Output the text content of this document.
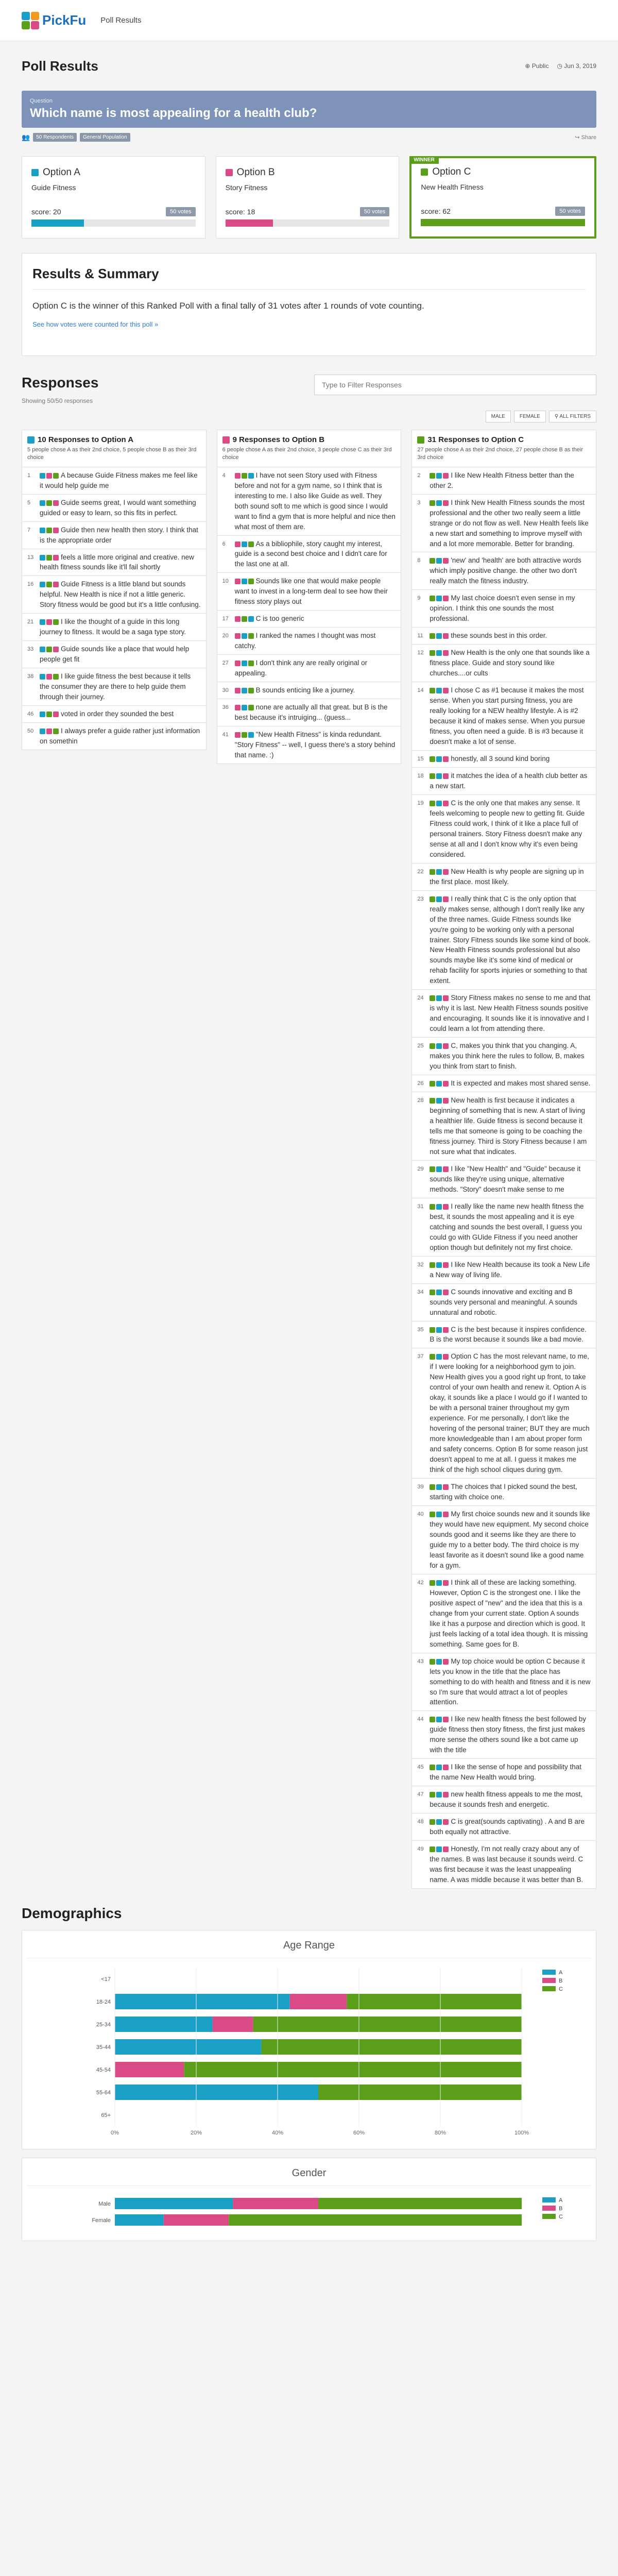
PickFu Poll Results
Poll Results	⊕ Public ◷ Jun 3, 2019
Question
Which name is most appealing for a health club?
👥	50 Respondents	General Population	↪ Share
Option A
Guide Fitness
score: 20	50 votes
Option B
Story Fitness
score: 18	50 votes
WINNER
Option C
New Health Fitness
score: 62	50 votes
Results & Summary

Option C is the winner of this Ranked Poll with a final tally of 31 votes after 1 rounds of vote counting.

See how votes were counted for this poll »
Responses
Showing 50/50 responses
Type to Filter Responses
MALE	FEMALE	⚲ ALL FILTERS
10 Responses to Option A
5 people chose A as their 2nd choice, 5 people chose B as their 3rd choice
1	A because Guide Fitness makes me feel like it would help guide me
5	Guide seems great, I would want something guided or easy to learn, so this fits in perfect.
7	Guide then new health then story. I think that is the appropriate order
13	feels a little more original and creative. new health fitness sounds like it'll fail shortly
16	Guide Fitness is a little bland but sounds helpful. New Health is nice if not a little generic. Story fitness would be good but it's a little confusing.
21	I like the thought of a guide in this long journey to fitness. It would be a saga type story.
33	Guide sounds like a place that would help people get fit
38	I like guide fitness the best because it tells the consumer they are there to help guide them through their journey.
46	voted in order they sounded the best
50	I always prefer a guide rather just information on somethin
9 Responses to Option B
6 people chose A as their 2nd choice, 3 people chose C as their 3rd choice
4	I have not seen Story used with Fitness before and not for a gym name, so I think that is interesting to me. I also like Guide as well. They both sound soft to me which is good since I would want to find a gym that is more helpful and nice then what most of them are.
6	As a bibliophile, story caught my interest, guide is a second best choice and I didn't care for the last one at all.
10	Sounds like one that would make people want to invest in a long-term deal to see how their fitness story plays out
17	C is too generic
20	I ranked the names I thought was most catchy.
27	I don't think any are really original or appealing.
30	B sounds enticing like a journey.
36	none are actually all that great. but B is the best because it's intruiging... (guess...
41	"New Health Fitness" is kinda redundant. "Story Fitness" -- well, I guess there's a story behind that name. :)
31 Responses to Option C
27 people chose A as their 2nd choice, 27 people chose B as their 3rd choice
2	I like New Health Fitness better than the other 2.
3	I think New Health Fitness sounds the most professional and the other two really seem a little strange or do not flow as well. New Health feels like a new start and something to improve myself with and a lot more memorable. Better for branding.
8	'new' and 'health' are both attractive words which imply positive change. the other two don't really match the fitness industry.
9	My last choice doesn't even sense in my opinion. I think this one sounds the most professional.
11	these sounds best in this order.
12	New Health is the only one that sounds like a fitness place. Guide and story sound like churches....or cults
14	I chose C as #1 because it makes the most sense. When you start pursing fitness, you are really looking for a NEW healthy lifestyle. A is #2 because it kind of makes sense. When you pursue fitness, you often need a guide. B is #3 because it doesn't make a lot of sense.
15	honestly, all 3 sound kind boring
18	it matches the idea of a health club better as a new start.
19	C is the only one that makes any sense. It feels welcoming to people new to getting fit. Guide Fitness could work, I think of it like a place full of personal trainers. Story Fitness doesn't make any sense at all and I don't know why it's even being considered.
22	New Health is why people are signing up in the first place. most likely.
23	I really think that C is the only option that really makes sense, although I don't really like any of the three names. Guide Fitness sounds like you're going to be working only with a personal trainer. Story Fitness sounds like some kind of book. New Health Fitness sounds professional but also sounds maybe like it's some kind of medical or rehab facility for sports injuries or something to that extent.
24	Story Fitness makes no sense to me and that is why it is last. New Health Fitness sounds positive and encouraging. It sounds like it is innovative and I could learn a lot from attending there.
25	C, makes you think that you changing. A, makes you think here the rules to follow, B, makes you think from start to finish.
26	It is expected and makes most shared sense.
28	New health is first because it indicates a beginning of something that is new. A start of living a healthier life. Guide fitness is second because it tells me that someone is going to be coaching the fitness journey. Third is Story Fitness because I am not sure what that indicates.
29	I like "New Health" and "Guide" because it sounds like they're using unique, alternative methods. "Story" doesn't make sense to me
31	I really like the name new health fitness the best, it sounds the most appealing and it is eye catching and sounds the best overall, I guess you could go with GUide Fitness if you need another option though but definitely not my first choice.
32	I like New Health because its took a New Life a New way of living life.
34	C sounds innovative and exciting and B sounds very personal and meaningful. A sounds unnatural and robotic.
35	C is the best because it inspires confidence. B is the worst because it sounds like a bad movie.
37	Option C has the most relevant name, to me, if I were looking for a neighborhood gym to join. New Health gives you a good right up front, to take control of your own health and renew it. Option A is okay, it sounds like a place I would go if I wanted to be with a personal trainer throughout my gym experience. For me personally, I don't like the hovering of the personal trainer; BUT they are much more knowledgeable than I am about proper form and safety concerns. Option B for some reason just doesn't appeal to me at all. I guess it makes me think of the high school cliques during gym.
39	The choices that I picked sound the best, starting with choice one.
40	My first choice sounds new and it sounds like they would have new equipment. My second choice sounds good and it seems like they are there to guide my to a better body. The third choice is my least favorite as it doesn't sound like a good name for a gym.
42	I think all of these are lacking something. However, Option C is the strongest one. I like the positive aspect of "new" and the idea that this is a change from your current state. Option A sounds like it has a purpose and direction which is good. It just feels lacking of a total idea though. It is missing something. Same goes for B.
43	My top choice would be option C because it lets you know in the title that the place has something to do with health and fitness and it is new so I'm sure that would attract a lot of peoples attention.
44	I like new health fitness the best followed by guide fitness then story fitness, the first just makes more sense the others sound like a bot came up with the title
45	I like the sense of hope and possibility that the name New Health would bring.
47	new health fitness appeals to me the most, because it sounds fresh and energetic.
48	C is great(sounds captivating) . A and B are both equally not attractive.
49	Honestly, I'm not really crazy about any of the names. B was last because it sounds weird. C was first because it was the least unappealing name. A was middle because it was better than B.
Demographics
Age Range
<17
18-24
25-34
35-44
45-54
55-64
65+
0%	20%	40%	60%	80%	100%
A
B
C
Gender
Male
Female
A
B
C
